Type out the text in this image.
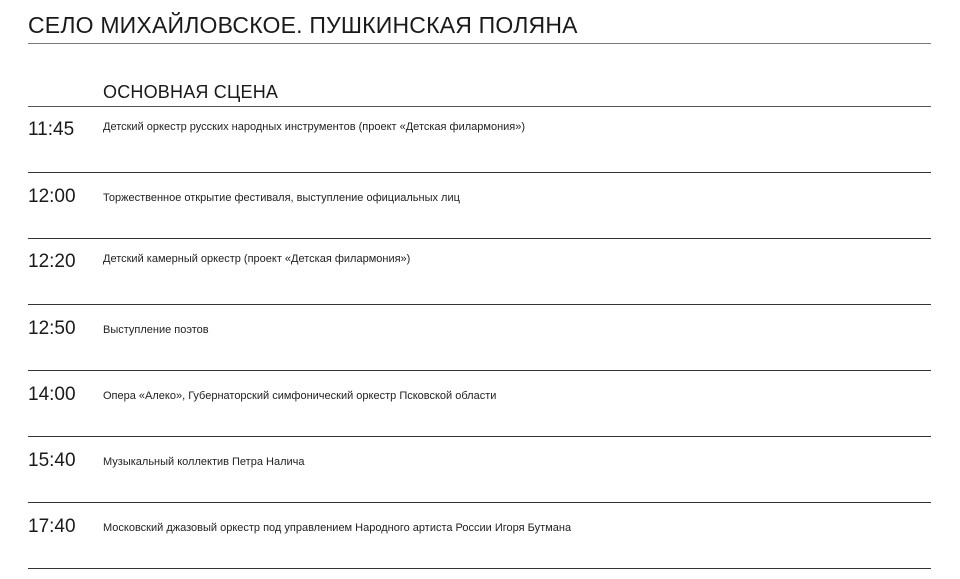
СЕЛО МИХАЙЛОВСКОЕ. ПУШКИНСКАЯ ПОЛЯНА
ОСНОВНАЯ СЦЕНА
11:45	Детский оркестр русских народных инструментов (проект «Детская филармония»)
12:00 Торжественное открытие фестиваля, выступление официальных лиц
12:20 Детский камерный оркестр (проект «Детская филармония»)
12:50 Выступление поэтов
14:00 Опера «Алеко», Губернаторский симфонический оркестр Псковской области
15:40 Музыкальный коллектив Петра Налича
17:40 Московский джазовый оркестр под управлением Народного артиста России Игоря Бутмана
